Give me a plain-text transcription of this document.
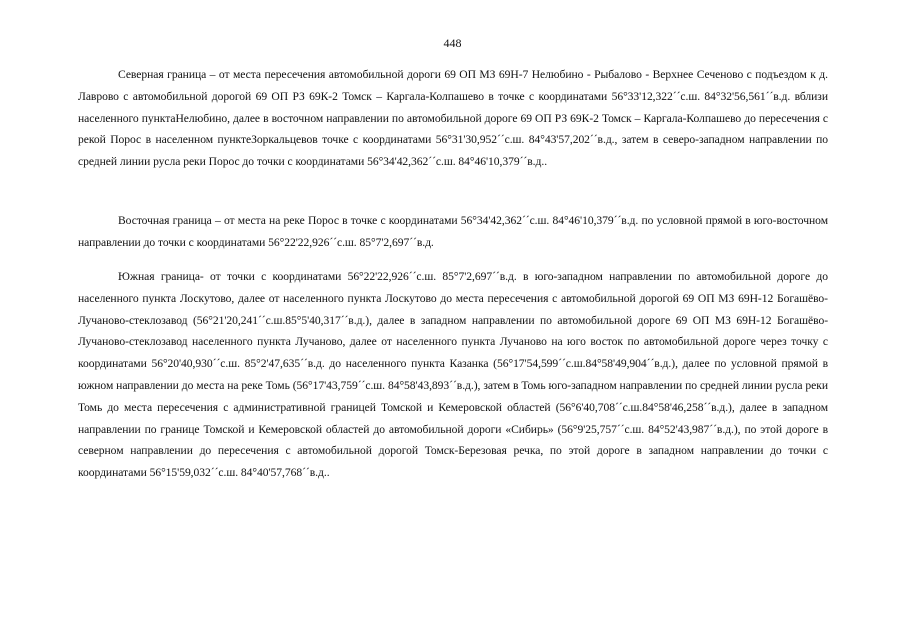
448

Северная граница – от места пересечения автомобильной дороги 69 ОП МЗ 69Н-7 Нелюбино - Рыбалово - Верхнее Сеченово с подъездом к д. Лаврово с автомобильной дорогой 69 ОП РЗ 69К-2 Томск – Каргала-Колпашево в точке с координатами 56°33'12,322´´с.ш. 84°32'56,561´´в.д. вблизи населенного пунктаНелюбино, далее в восточном направлении по автомобильной дороге 69 ОП РЗ 69К-2 Томск – Каргала-Колпашево до пересечения с рекой Порос в населенном пунктеЗоркальцевов точке с координатами 56°31'30,952´´с.ш. 84°43'57,202´´в.д., затем в северо-западном направлении по средней линии русла реки Порос до точки с координатами 56°34'42,362´´с.ш. 84°46'10,379´´в.д..

Восточная граница – от места на реке Порос в точке с координатами 56°34'42,362´´с.ш. 84°46'10,379´´в.д. по условной прямой в юго-восточном направлении до точки с координатами 56°22'22,926´´с.ш. 85°7'2,697´´в.д.

Южная граница- от точки с координатами 56°22'22,926´´с.ш. 85°7'2,697´´в.д. в юго-западном направлении по автомобильной дороге до населенного пункта Лоскутово, далее от населенного пункта Лоскутово до места пересечения с автомобильной дорогой 69 ОП МЗ 69Н-12 Богашёво-Лучаново-стеклозавод (56°21'20,241´´с.ш.85°5'40,317´´в.д.), далее в западном направлении по автомобильной дороге 69 ОП МЗ 69Н-12 Богашёво-Лучаново-стеклозавод населенного пункта Лучаново, далее от населенного пункта Лучаново на юго восток по автомобильной дороге через точку с координатами 56°20'40,930´´с.ш. 85°2'47,635´´в.д. до населенного пункта Казанка (56°17'54,599´´с.ш.84°58'49,904´´в.д.), далее по условной прямой в южном направлении до места на реке Томь (56°17'43,759´´с.ш. 84°58'43,893´´в.д.), затем в Томь юго-западном направлении по средней линии русла реки Томь до места пересечения с административной границей Томской и Кемеровской областей (56°6'40,708´´с.ш.84°58'46,258´´в.д.), далее в западном направлении по границе Томской и Кемеровской областей до автомобильной дороги «Сибирь» (56°9'25,757´´с.ш. 84°52'43,987´´в.д.), по этой дороге в северном направлении до пересечения с автомобильной дорогой Томск-Березовая речка, по этой дороге в западном направлении до точки с координатами 56°15'59,032´´с.ш. 84°40'57,768´´в.д..
